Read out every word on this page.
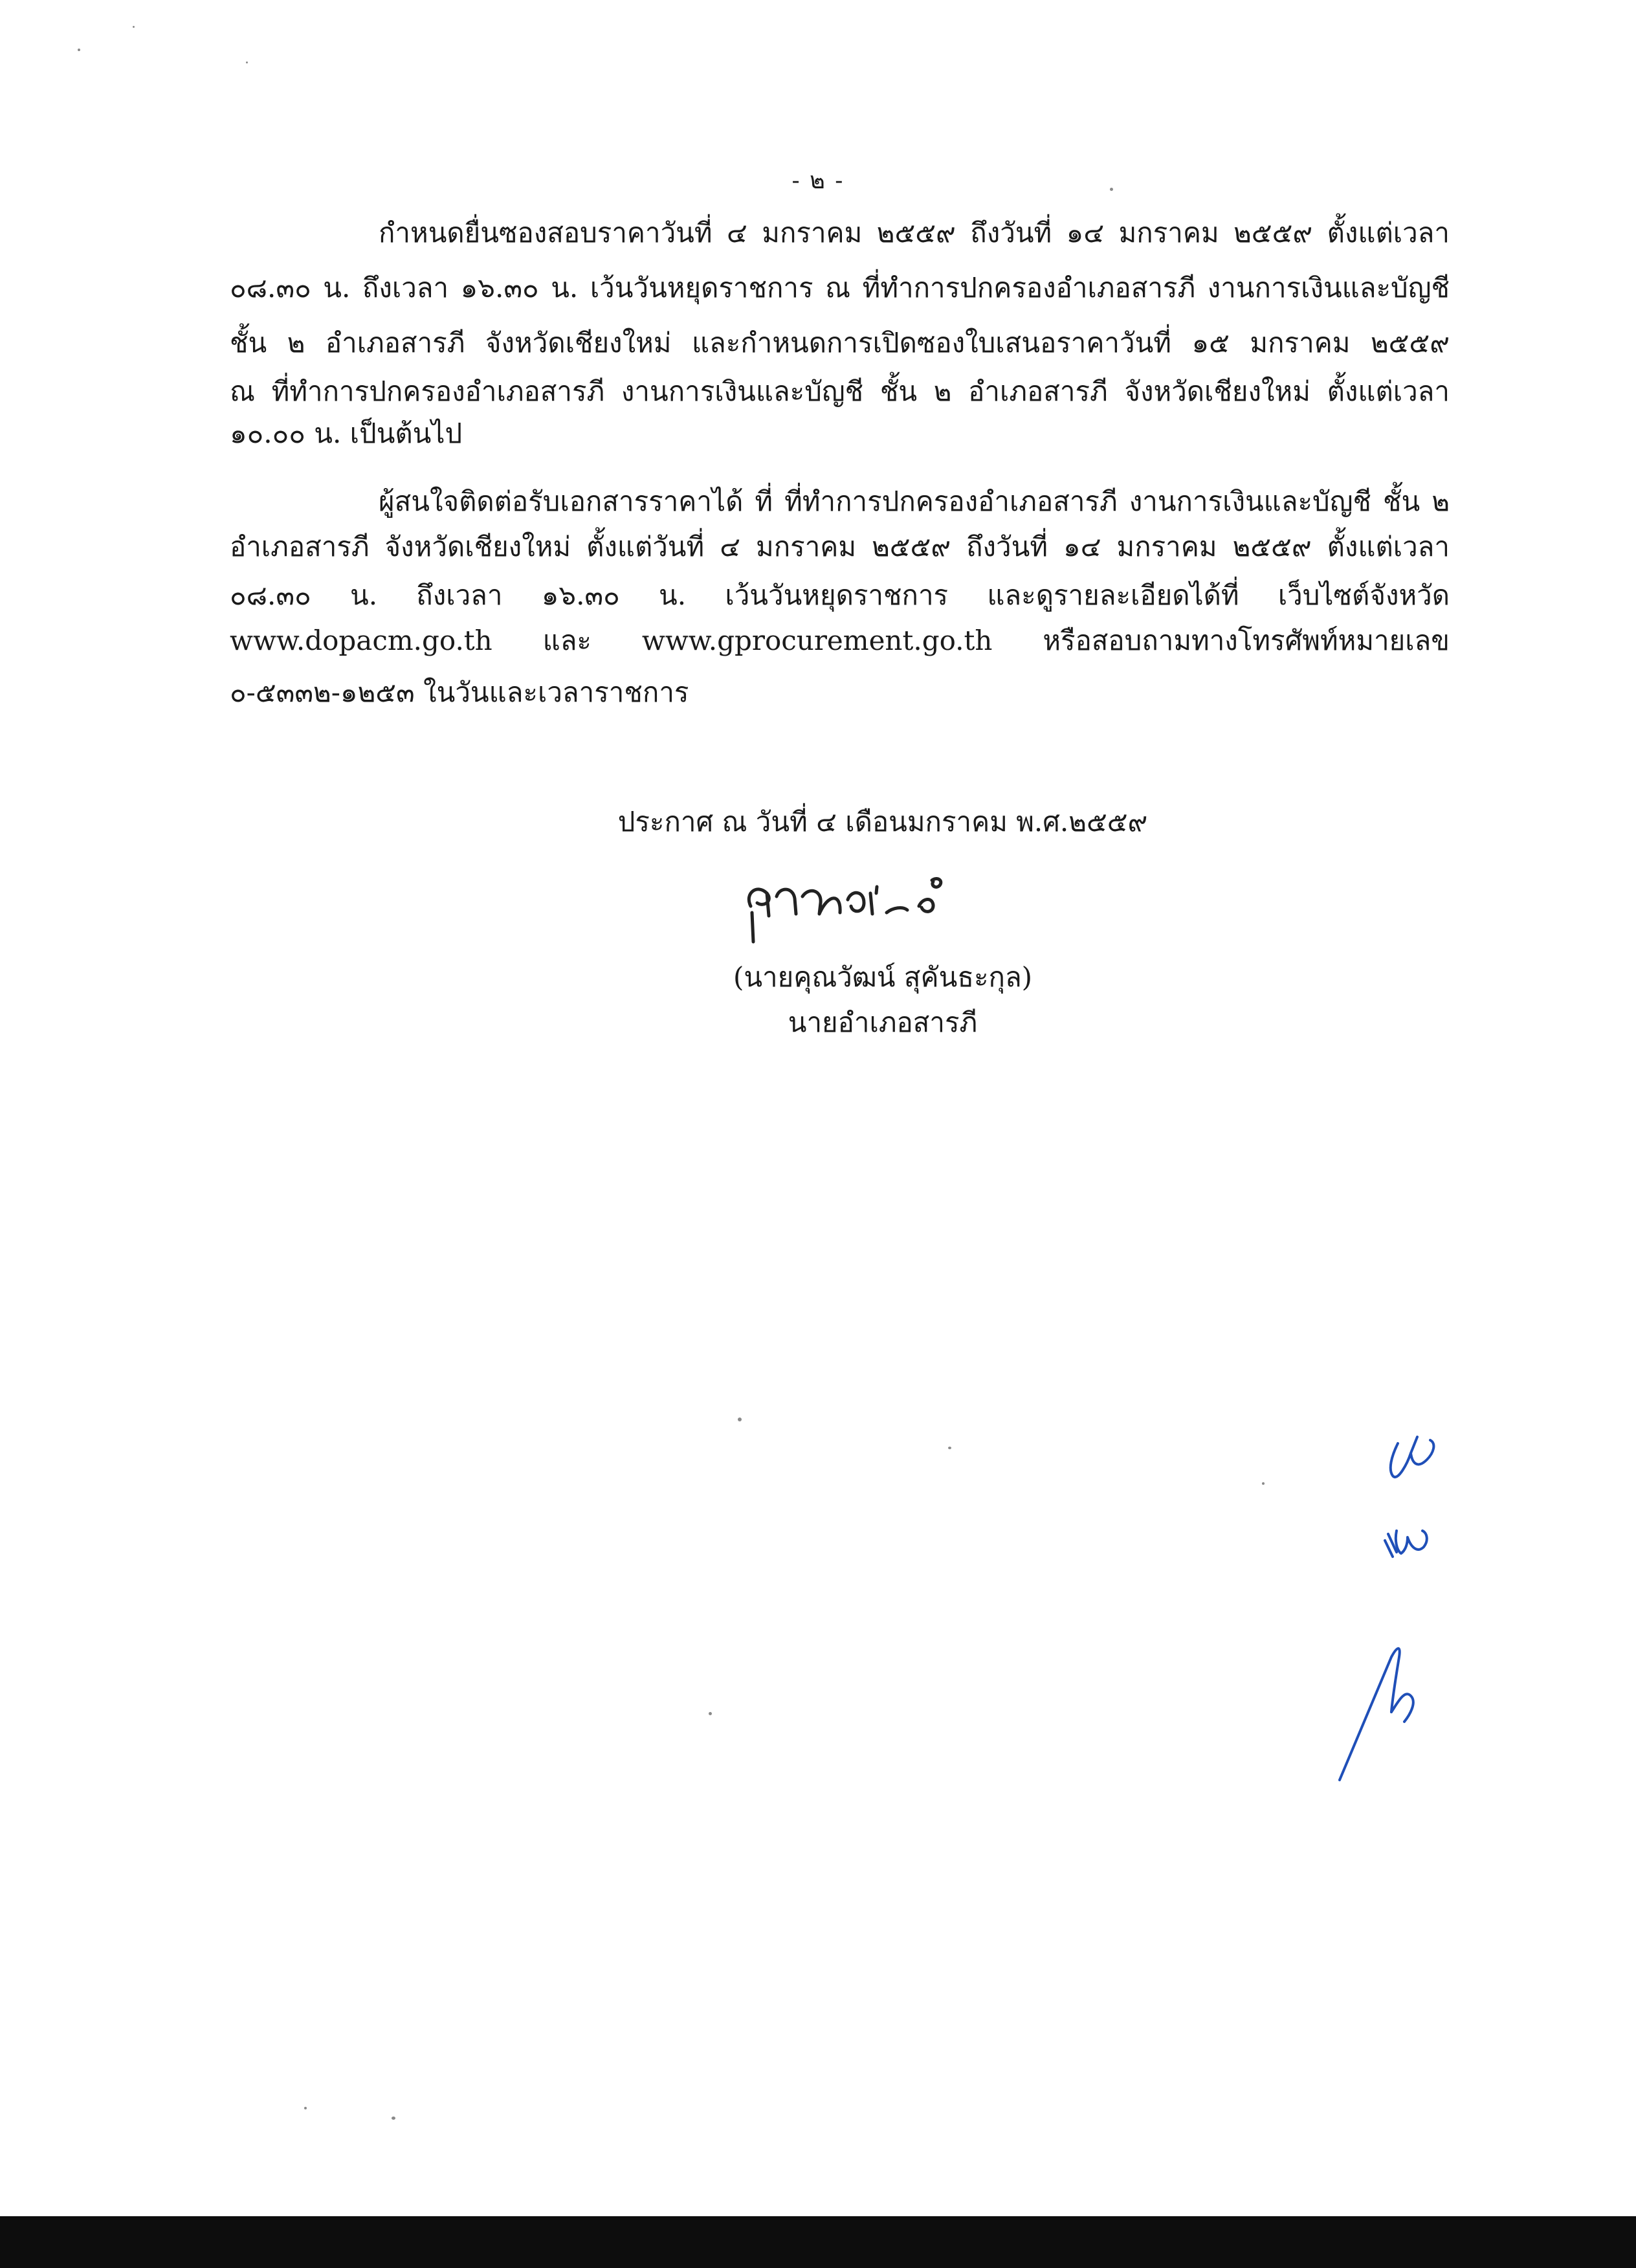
- ๒ -
กำหนดยื่นซองสอบราคาวันที่ ๔ มกราคม ๒๕๕๙ ถึงวันที่ ๑๔ มกราคม ๒๕๕๙ ตั้งแต่เวลา
๐๘.๓๐ น. ถึงเวลา ๑๖.๓๐ น. เว้นวันหยุดราชการ ณ ที่ทำการปกครองอำเภอสารภี งานการเงินและบัญชี
ชั้น ๒ อำเภอสารภี จังหวัดเชียงใหม่ และกำหนดการเปิดซองใบเสนอราคาวันที่ ๑๕ มกราคม ๒๕๕๙
ณ ที่ทำการปกครองอำเภอสารภี งานการเงินและบัญชี ชั้น ๒ อำเภอสารภี จังหวัดเชียงใหม่ ตั้งแต่เวลา
๑๐.๐๐ น. เป็นต้นไป
ผู้สนใจติดต่อรับเอกสารราคาได้ ที่ ที่ทำการปกครองอำเภอสารภี งานการเงินและบัญชี ชั้น ๒
อำเภอสารภี จังหวัดเชียงใหม่ ตั้งแต่วันที่ ๔ มกราคม ๒๕๕๙ ถึงวันที่ ๑๔ มกราคม ๒๕๕๙ ตั้งแต่เวลา
๐๘.๓๐ น. ถึงเวลา ๑๖.๓๐ น. เว้นวันหยุดราชการ และดูรายละเอียดได้ที่ เว็บไซต์จังหวัด
www.dopacm.go.th และ www.gprocurement.go.th หรือสอบถามทางโทรศัพท์หมายเลข
๐-๕๓๓๒-๑๒๕๓ ในวันและเวลาราชการ
ประกาศ ณ วันที่ ๔ เดือนมกราคม พ.ศ.๒๕๕๙
(นายคุณวัฒน์ สุคันธะกุล)
นายอำเภอสารภี
